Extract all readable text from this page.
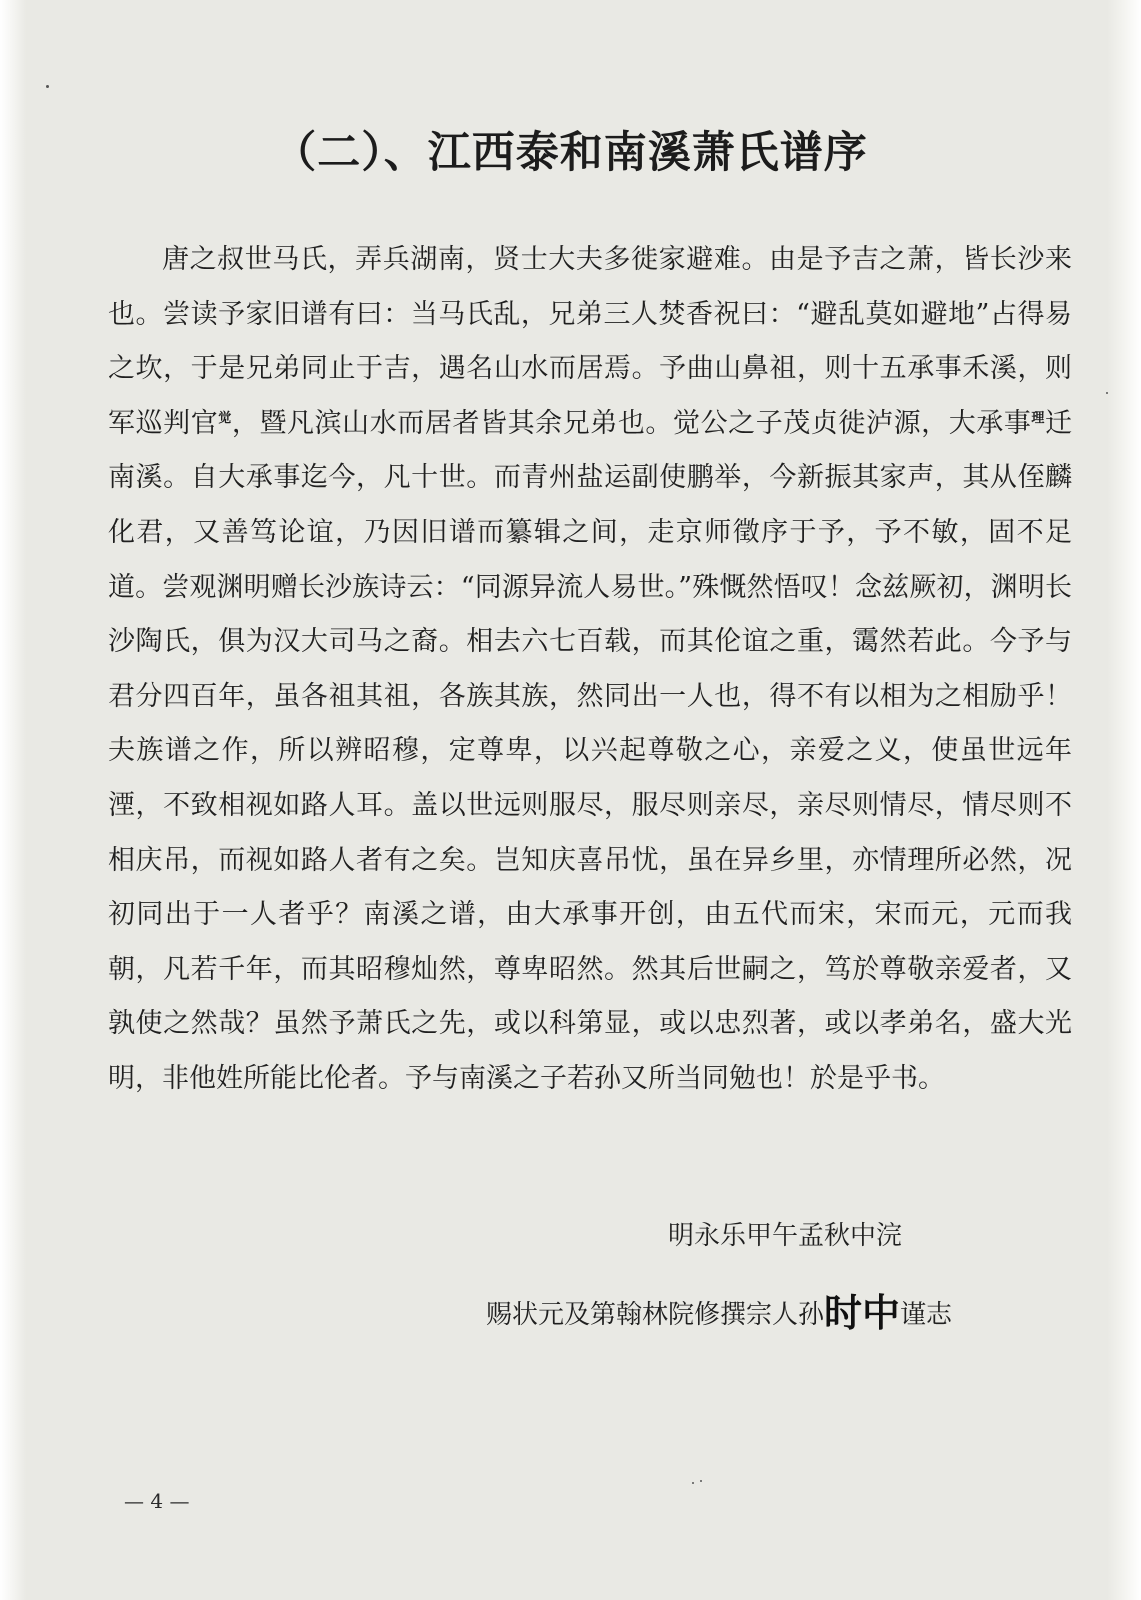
（二）、江西泰和南溪萧氏谱序

唐之叔世马氏，弄兵湖南，贤士大夫多徙家避难。由是予吉之萧，皆长沙来也。尝读予家旧谱有曰：当马氏乱，兄弟三人焚香祝曰：“避乱莫如避地”占得易之坎，于是兄弟同止于吉，遇名山水而居焉。予曲山鼻祖，则十五承事禾溪，则军巡判官$^觉$，暨凡滨山水而居者皆其余兄弟也。觉公之子茂贞徙泸源，大承事$^理$迁南溪。自大承事迄今，凡十世。而青州盐运副使鹏举，今新振其家声，其从侄麟化君，又善笃论谊，乃因旧谱而纂辑之间，走京师徵序于予，予不敏，固不足道。尝观渊明赠长沙族诗云：“同源异流人易世。”殊慨然悟叹！念兹厥初，渊明长沙陶氏，俱为汉大司马之裔。相去六七百载，而其伦谊之重，霭然若此。今予与君分四百年，虽各祖其祖，各族其族，然同出一人也，得不有以相为之相励乎！夫族谱之作，所以辨昭穆，定尊卑，以兴起尊敬之心，亲爱之义，使虽世远年湮，不致相视如路人耳。盖以世远则服尽，服尽则亲尽，亲尽则情尽，情尽则不相庆吊，而视如路人者有之矣。岂知庆喜吊忧，虽在异乡里，亦情理所必然，况初同出于一人者乎？南溪之谱，由大承事开创，由五代而宋，宋而元，元而我朝，凡若千年，而其昭穆灿然，尊卑昭然。然其后世嗣之，笃於尊敬亲爱者，又孰使之然哉？虽然予萧氏之先，或以科第显，或以忠烈著，或以孝弟名，盛大光明，非他姓所能比伦者。予与南溪之子若孙又所当同勉也！於是乎书。

明永乐甲午孟秋中浣
赐状元及第翰林院修撰宗人孙时中谨志
— 4 —
